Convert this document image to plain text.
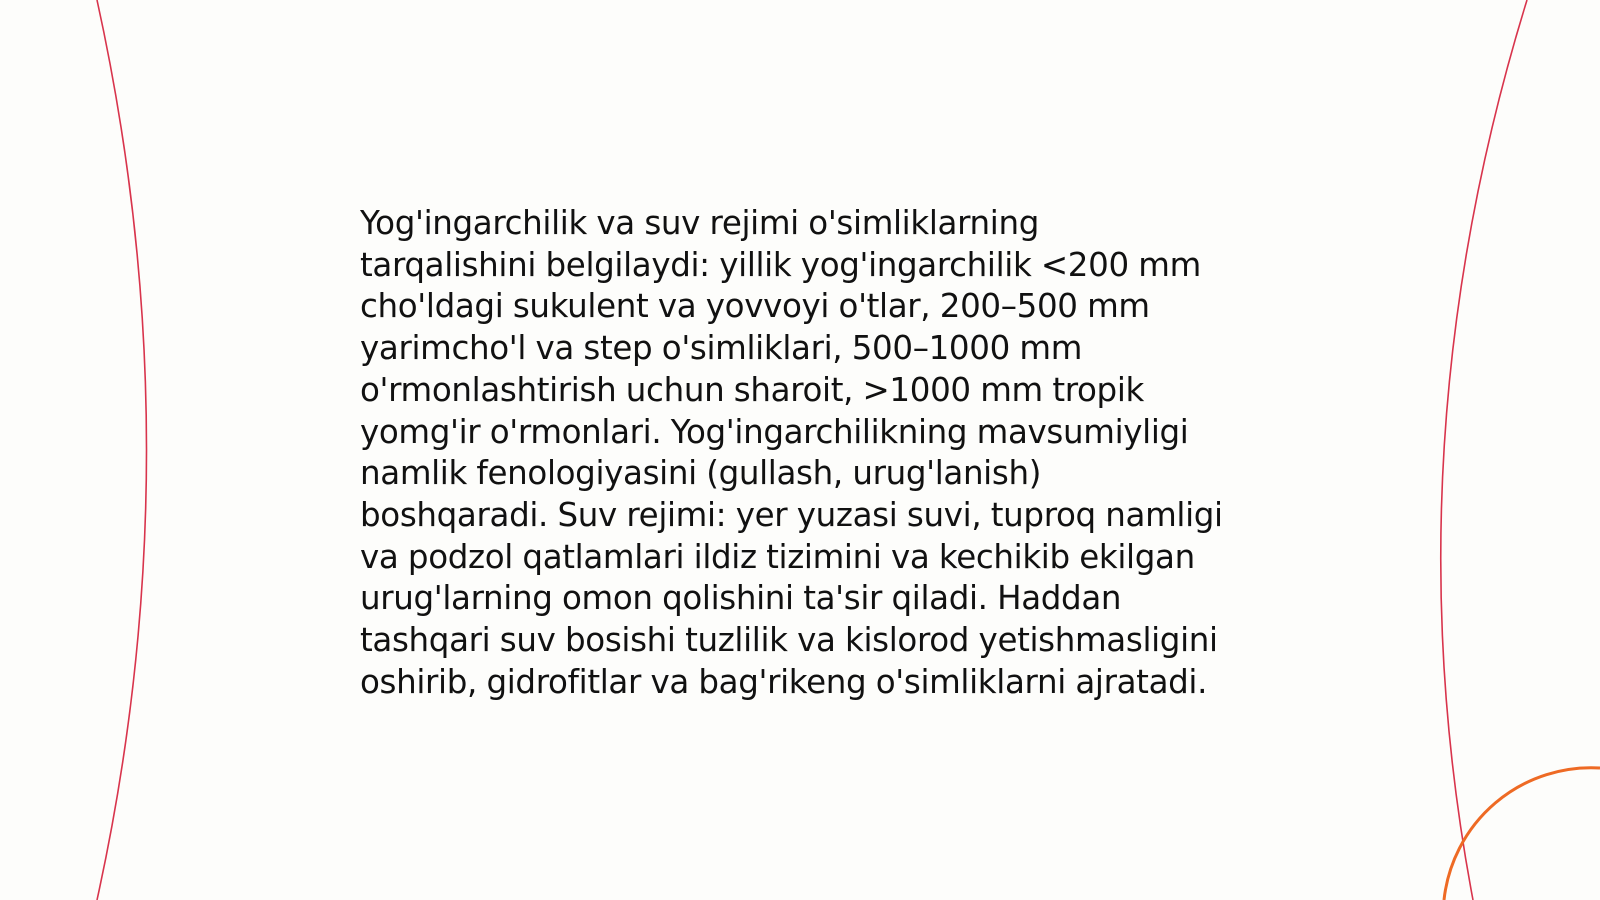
Yog'ingarchilik va suv rejimi o'simliklarning
tarqalishini belgilaydi: yillik yog'ingarchilik <200 mm
cho'ldagi sukulent va yovvoyi o'tlar, 200–500 mm
yarimcho'l va step o'simliklari, 500–1000 mm
o'rmonlashtirish uchun sharoit, >1000 mm tropik
yomg'ir o'rmonlari. Yog'ingarchilikning mavsumiyligi
namlik fenologiyasini (gullash, urug'lanish)
boshqaradi. Suv rejimi: yer yuzasi suvi, tuproq namligi
va podzol qatlamlari ildiz tizimini va kechikib ekilgan
urug'larning omon qolishini ta'sir qiladi. Haddan
tashqari suv bosishi tuzlilik va kislorod yetishmasligini
oshirib, gidrofitlar va bag'rikeng o'simliklarni ajratadi.
